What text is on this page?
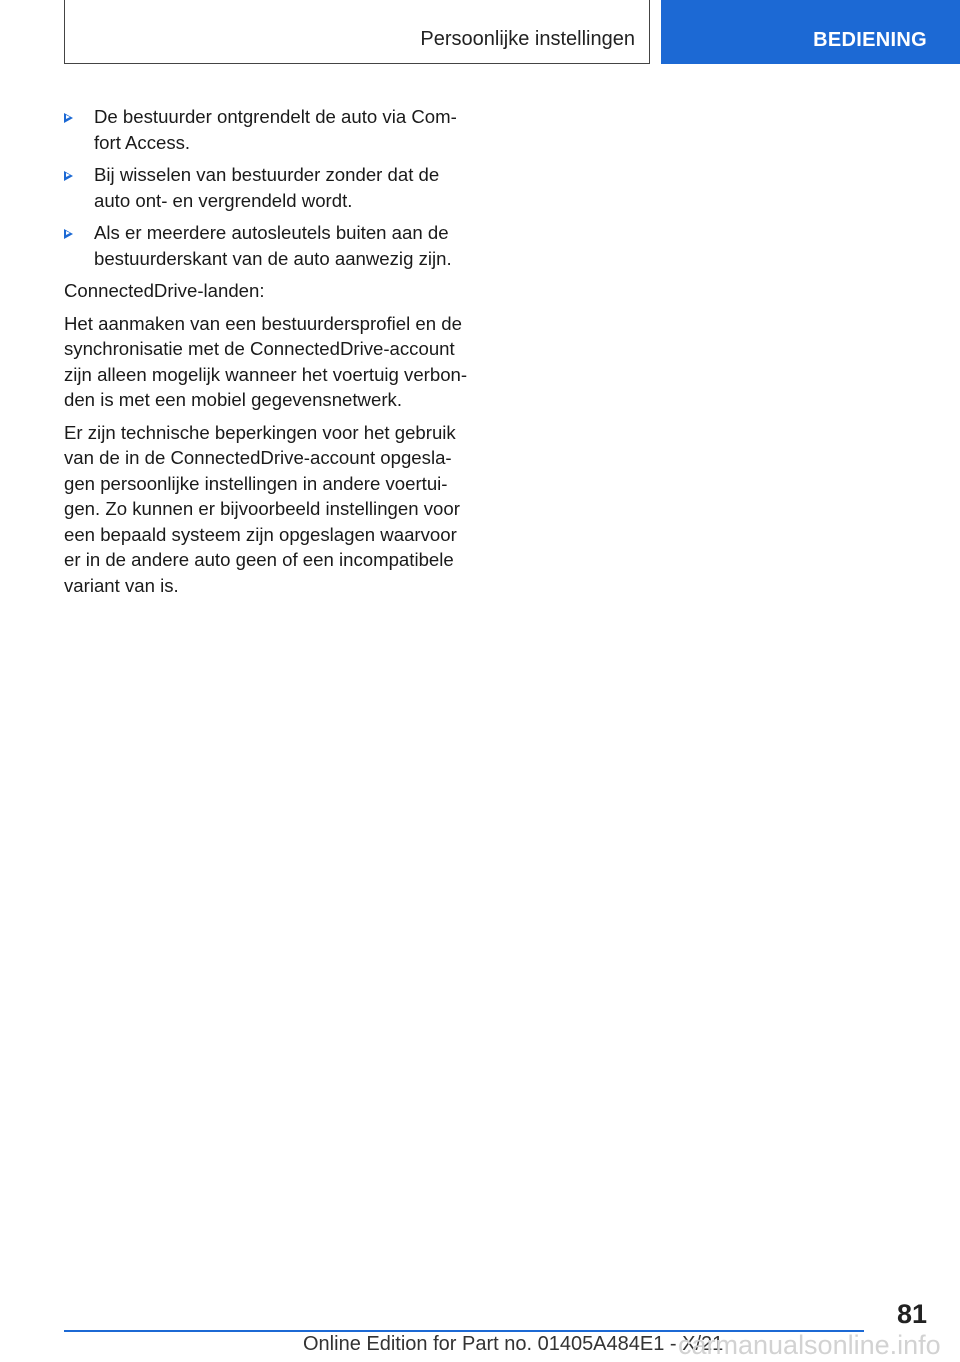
Persoonlijke instellingen	BEDIENING
De bestuurder ontgrendelt de auto via Com-
fort Access.
Bij wisselen van bestuurder zonder dat de
auto ont- en vergrendeld wordt.
Als er meerdere autosleutels buiten aan de
bestuurderskant van de auto aanwezig zijn.

ConnectedDrive-landen:

Het aanmaken van een bestuurdersprofiel en de
synchronisatie met de ConnectedDrive-account
zijn alleen mogelijk wanneer het voertuig verbon-
den is met een mobiel gegevensnetwerk.

Er zijn technische beperkingen voor het gebruik
van de in de ConnectedDrive-account opgesla-
gen persoonlijke instellingen in andere voertui-
gen. Zo kunnen er bijvoorbeeld instellingen voor
een bepaald systeem zijn opgeslagen waarvoor
er in de andere auto geen of een incompatibele
variant van is.

81
Online Edition for Part no. 01405A484E1 - X/21
carmanualsonline.info
